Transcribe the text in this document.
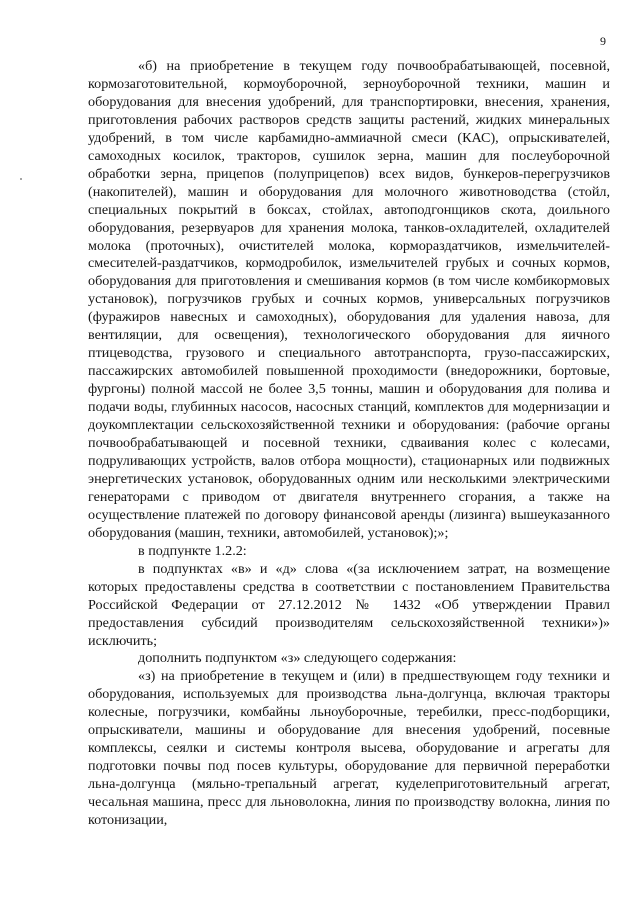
9

«б) на приобретение в текущем году почвообрабатывающей, посевной, кормозаготовительной, кормоуборочной, зерноуборочной техники, машин и оборудования для внесения удобрений, для транспортировки, внесения, хранения, приготовления рабочих растворов средств защиты растений, жидких минеральных удобрений, в том числе карбамидно-аммиачной смеси (КАС), опрыскивателей, самоходных косилок, тракторов, сушилок зерна, машин для послеуборочной обработки зерна, прицепов (полуприцепов) всех видов, бункеров-перегрузчиков (накопителей), машин и оборудования для молочного животноводства (стойл, специальных покрытий в боксах, стойлах, автоподгонщиков скота, доильного оборудования, резервуаров для хранения молока, танков-охладителей, охладителей молока (проточных), очистителей молока, кормораздатчиков, измельчителей-смесителей-раздатчиков, кормодробилок, измельчителей грубых и сочных кормов, оборудования для приготовления и смешивания кормов (в том числе комбикормовых установок), погрузчиков грубых и сочных кормов, универсальных погрузчиков (фуражиров навесных и самоходных), оборудования для удаления навоза, для вентиляции, для освещения), технологического оборудования для яичного птицеводства, грузового и специального автотранспорта, грузо-пассажирских, пассажирских автомобилей повышенной проходимости (внедорожники, бортовые, фургоны) полной массой не более 3,5 тонны, машин и оборудования для полива и подачи воды, глубинных насосов, насосных станций, комплектов для модернизации и доукомплектации сельскохозяйственной техники и оборудования: (рабочие органы почвообрабатывающей и посевной техники, сдваивания колес с колесами, подруливающих устройств, валов отбора мощности), стационарных или подвижных энергетических установок, оборудованных одним или несколькими электрическими генераторами с приводом от двигателя внутреннего сгорания, а также на осуществление платежей по договору финансовой аренды (лизинга) вышеуказанного оборудования (машин, техники, автомобилей, установок);»;

в подпункте 1.2.2:

в подпунктах «в» и «д» слова «(за исключением затрат, на возмещение которых предоставлены средства в соответствии с постановлением Правительства Российской Федерации от 27.12.2012 № 1432 «Об утверждении Правил предоставления субсидий производителям сельскохозяйственной техники»)» исключить;

дополнить подпунктом «з» следующего содержания:

«з) на приобретение в текущем и (или) в предшествующем году техники и оборудования, используемых для производства льна-долгунца, включая тракторы колесные, погрузчики, комбайны льноуборочные, теребилки, пресс-подборщики, опрыскиватели, машины и оборудование для внесения удобрений, посевные комплексы, сеялки и системы контроля высева, оборудование и агрегаты для подготовки почвы под посев культуры, оборудование для первичной переработки льна-долгунца (мяльно-трепальный агрегат, куделеприготовительный агрегат, чесальная машина, пресс для льноволокна, линия по производству волокна, линия по котонизации,
